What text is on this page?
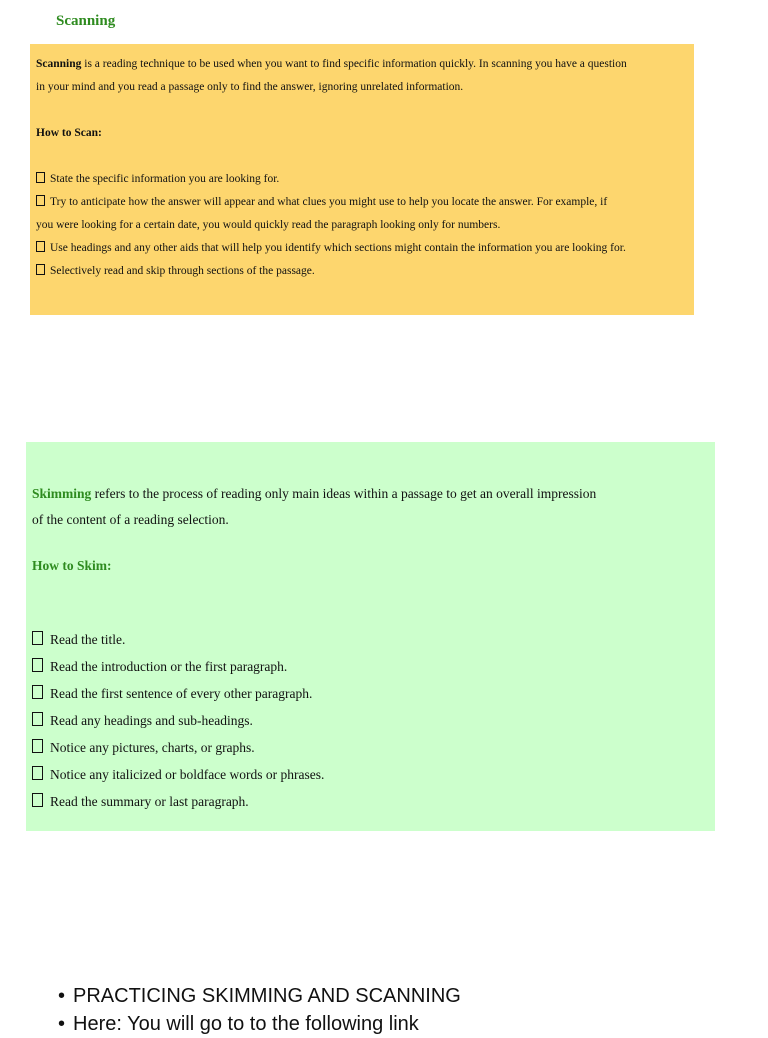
Scanning

Scanning is a reading technique to be used when you want to find specific information quickly. In scanning you have a question

in your mind and you read a passage only to find the answer, ignoring unrelated information.

How to Scan:

State the specific information you are looking for.

Try to anticipate how the answer will appear and what clues you might use to help you locate the answer. For example, if

you were looking for a certain date, you would quickly read the paragraph looking only for numbers.

Use headings and any other aids that will help you identify which sections might contain the information you are looking for.

Selectively read and skip through sections of the passage.

Skimming refers to the process of reading only main ideas within a passage to get an overall impression

of the content of a reading selection.

How to Skim:

Read the title.
Read the introduction or the first paragraph.
Read the first sentence of every other paragraph.
Read any headings and sub-headings.
Notice any pictures, charts, or graphs.
Notice any italicized or boldface words or phrases.
Read the summary or last paragraph.
• PRACTICING SKIMMING AND SCANNING
• Here: You will go to to the following link
